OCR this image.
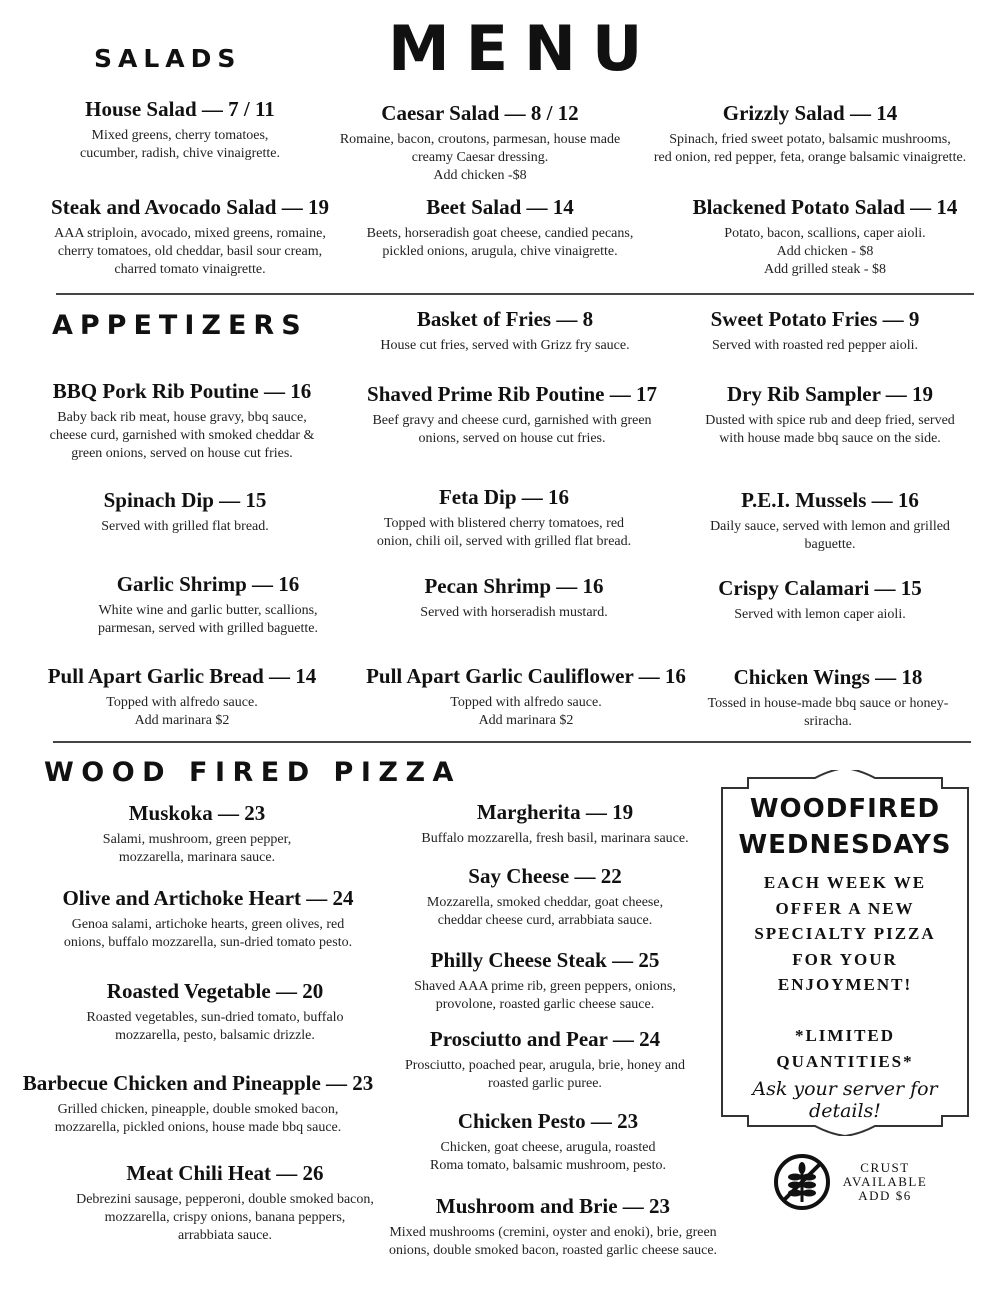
MENU
SALADS
House Salad — 7 / 11
Mixed greens, cherry tomatoes,
cucumber, radish, chive vinaigrette.
Caesar Salad — 8 / 12
Romaine, bacon, croutons, parmesan, house made
creamy Caesar dressing.
Add chicken -$8
Grizzly Salad — 14
Spinach, fried sweet potato, balsamic mushrooms,
red onion, red pepper, feta, orange balsamic vinaigrette.
Steak and Avocado Salad — 19
AAA striploin, avocado, mixed greens, romaine,
cherry tomatoes, old cheddar, basil sour cream,
charred tomato vinaigrette.
Beet Salad — 14
Beets, horseradish goat cheese, candied pecans,
pickled onions, arugula, chive vinaigrette.
Blackened Potato Salad — 14
Potato, bacon, scallions, caper aioli.
Add chicken - $8
Add grilled steak - $8
APPETIZERS	Basket of Fries — 8
House cut fries, served with Grizz fry sauce.
Sweet Potato Fries — 9
Served with roasted red pepper aioli.
BBQ Pork Rib Poutine — 16
Baby back rib meat, house gravy, bbq sauce,
cheese curd, garnished with smoked cheddar &
green onions, served on house cut fries.
Shaved Prime Rib Poutine — 17
Beef gravy and cheese curd, garnished with green
onions, served on house cut fries.
Dry Rib Sampler — 19
Dusted with spice rub and deep fried, served
with house made bbq sauce on the side.
Spinach Dip — 15
Served with grilled flat bread.
Feta Dip — 16
Topped with blistered cherry tomatoes, red
onion, chili oil, served with grilled flat bread.
P.E.I. Mussels — 16
Daily sauce, served with lemon and grilled
baguette.
Garlic Shrimp — 16
White wine and garlic butter, scallions,
parmesan, served with grilled baguette.
Pecan Shrimp — 16
Served with horseradish mustard.
Crispy Calamari — 15
Served with lemon caper aioli.
Pull Apart Garlic Bread — 14
Topped with alfredo sauce.
Add marinara $2
Pull Apart Garlic Cauliflower — 16
Topped with alfredo sauce.
Add marinara $2
Chicken Wings — 18
Tossed in house-made bbq sauce or honey-
sriracha.
WOOD FIRED PIZZA
Muskoka — 23
Salami, mushroom, green pepper,
mozzarella, marinara sauce.
Olive and Artichoke Heart — 24
Genoa salami, artichoke hearts, green olives, red
onions, buffalo mozzarella, sun-dried tomato pesto.
Roasted Vegetable — 20
Roasted vegetables, sun-dried tomato, buffalo
mozzarella, pesto, balsamic drizzle.
Barbecue Chicken and Pineapple — 23
Grilled chicken, pineapple, double smoked bacon,
mozzarella, pickled onions, house made bbq sauce.
Meat Chili Heat — 26
Debrezini sausage, pepperoni, double smoked bacon,
mozzarella, crispy onions, banana peppers,
arrabbiata sauce.
Margherita — 19
Buffalo mozzarella, fresh basil, marinara sauce.
Say Cheese — 22
Mozzarella, smoked cheddar, goat cheese,
cheddar cheese curd, arrabbiata sauce.
Philly Cheese Steak — 25
Shaved AAA prime rib, green peppers, onions,
provolone, roasted garlic cheese sauce.
Prosciutto and Pear — 24
Prosciutto, poached pear, arugula, brie, honey and
roasted garlic puree.
Chicken Pesto — 23
Chicken, goat cheese, arugula, roasted
Roma tomato, balsamic mushroom, pesto.
Mushroom and Brie — 23
Mixed mushrooms (cremini, oyster and enoki), brie, green
onions, double smoked bacon, roasted garlic cheese sauce.
WOODFIRED
WEDNESDAYS
EACH WEEK WE
OFFER A NEW
SPECIALTY PIZZA
FOR YOUR
ENJOYMENT!
*LIMITED
QUANTITIES*
Ask your server for details!
CRUST
AVAILABLE
ADD $6
